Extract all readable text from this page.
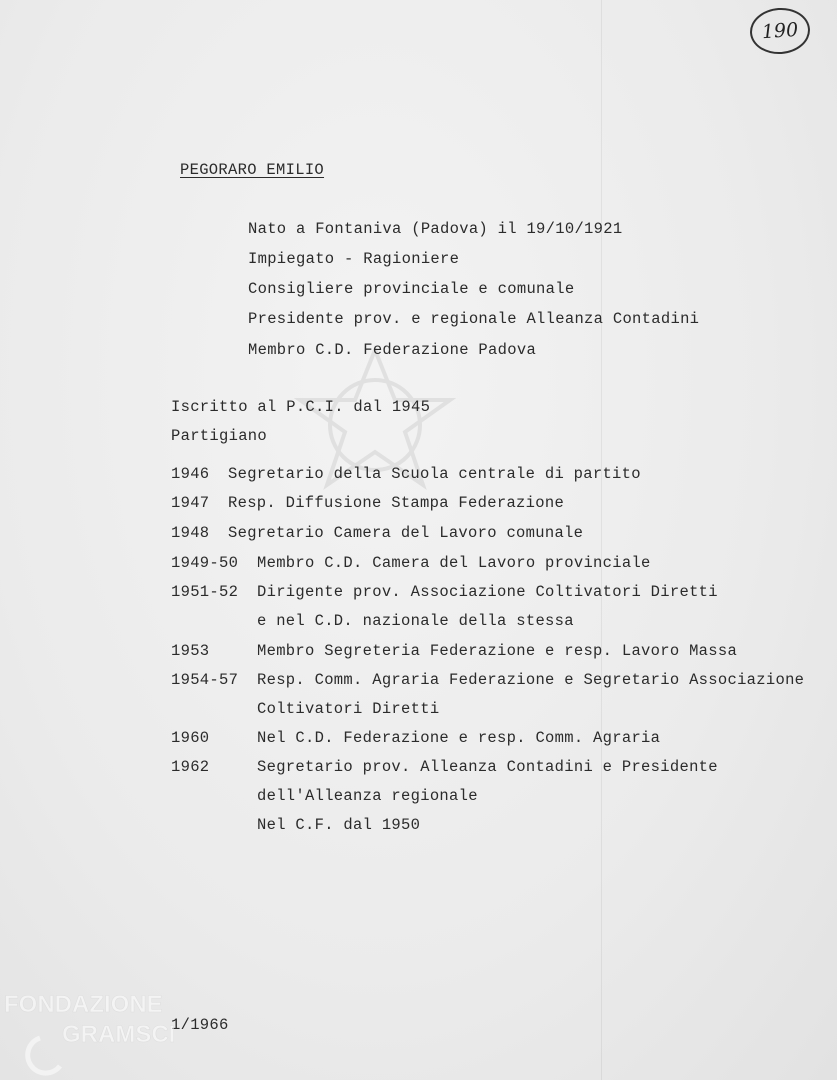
190
PEGORARO EMILIO
Nato a Fontaniva (Padova) il 19/10/1921
Impiegato - Ragioniere
Consigliere provinciale e comunale
Presidente prov. e regionale Alleanza Contadini
Membro C.D. Federazione Padova
Iscritto al P.C.I. dal 1945
Partigiano
1946 Segretario della Scuola centrale di partito
1947 Resp. Diffusione Stampa Federazione
1948 Segretario Camera del Lavoro comunale
1949-50 Membro C.D. Camera del Lavoro provinciale
1951-52 Dirigente prov. Associazione Coltivatori Diretti
e nel C.D. nazionale della stessa
1953	Membro Segreteria Federazione e resp. Lavoro Massa
1954-57 Resp. Comm. Agraria Federazione e Segretario Associazione
Coltivatori Diretti
1960	Nel C.D. Federazione e resp. Comm. Agraria
1962	Segretario prov. Alleanza Contadini e Presidente
dell'Alleanza regionale
Nel C.F. dal 1950
1/1966
FONDAZIONE
GRAMSCI
